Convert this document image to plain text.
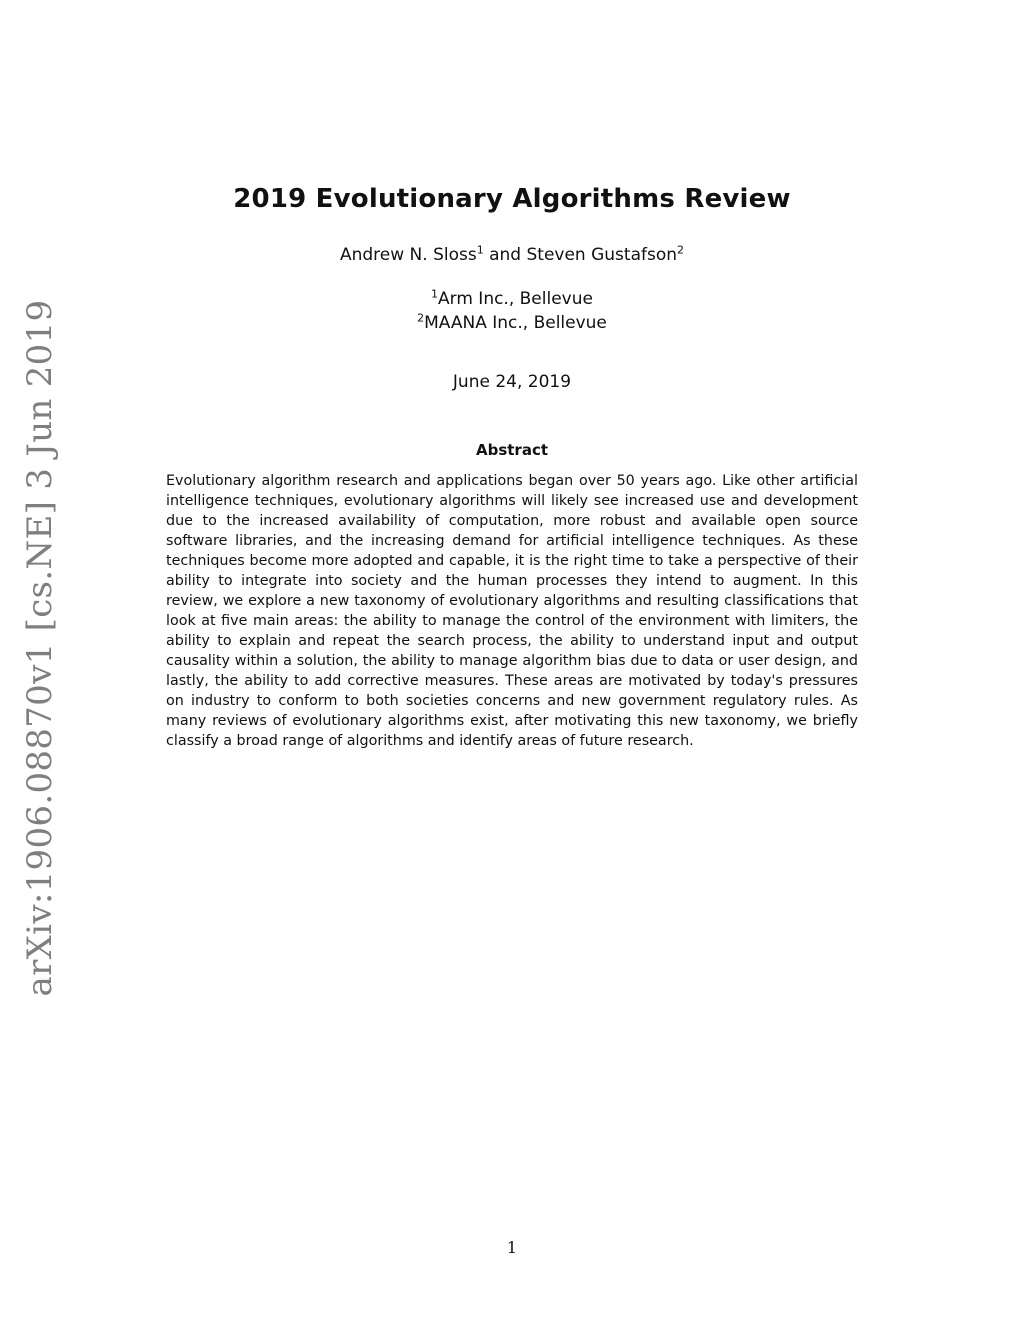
arXiv:1906.08870v1 [cs.NE] 3 Jun 2019
2019 Evolutionary Algorithms Review
Andrew N. Sloss$^1$ and Steven Gustafson$^2$
$^1$Arm Inc., Bellevue
$^2$MAANA Inc., Bellevue
June 24, 2019
Abstract

Evolutionary algorithm research and applications began over 50 years ago. Like other artificial intelligence techniques, evolutionary algorithms will likely see increased use and development due to the increased availability of computation, more robust and available open source software libraries, and the increasing demand for artificial intelligence techniques. As these techniques become more adopted and capable, it is the right time to take a perspective of their ability to integrate into society and the human processes they intend to augment. In this review, we explore a new taxonomy of evolutionary algorithms and resulting classifications that look at five main areas: the ability to manage the control of the environment with limiters, the ability to explain and repeat the search process, the ability to understand input and output causality within a solution, the ability to manage algorithm bias due to data or user design, and lastly, the ability to add corrective measures. These areas are motivated by today's pressures on industry to conform to both societies concerns and new government regulatory rules. As many reviews of evolutionary algorithms exist, after motivating this new taxonomy, we briefly classify a broad range of algorithms and identify areas of future research.

1
